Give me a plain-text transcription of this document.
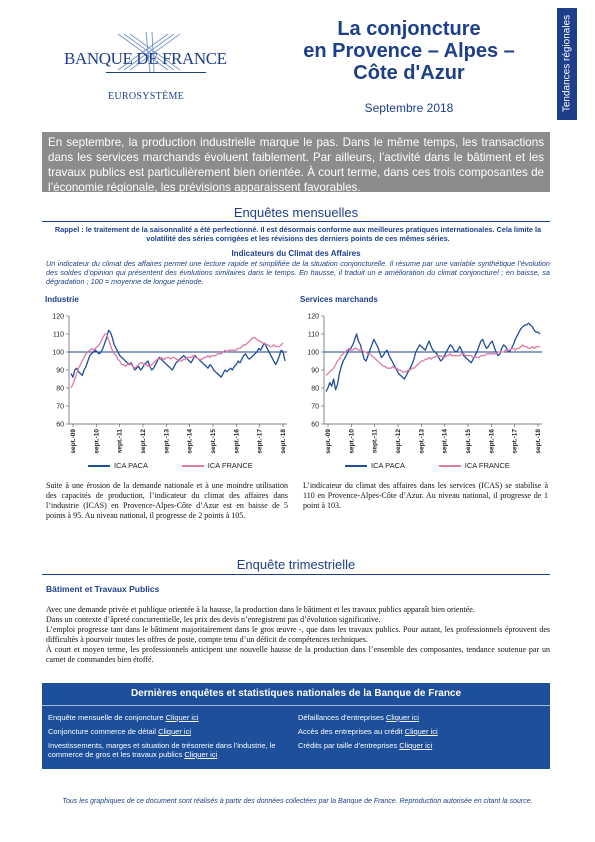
BANQUE DE FRANCE
EUROSYSTÈME
La conjoncture
en Provence – Alpes –
Côte d'Azur
Septembre 2018	Tendances régionales
En septembre, la production industrielle marque le pas. Dans le même temps, les transactions dans les services marchands évoluent faiblement. Par ailleurs, l’activité dans le bâtiment et les travaux publics est particulièrement bien orientée. À court terme, dans ces trois composantes de l’économie régionale, les prévisions apparaissent favorables.
Enquêtes mensuelles
Rappel : le traitement de la saisonnalité a été perfectionné. Il est désormais conforme aux meilleures pratiques internationales. Cela limite la volatilité des séries corrigées et les révisions des derniers points de ces mêmes séries.
Indicateurs du Climat des Affaires
Un indicateur du climat des affaires permet une lecture rapide et simplifiée de la situation conjoncturelle. Il résume par une variable synthétique l’évolution des soldes d’opinion qui présentent des évolutions similaires dans le temps. En hausse, il traduit un e amélioration du climat conjoncturel ; en baisse, sa dégradation ; 100 = moyenne de longue période.
Industrie	Services marchands
60
70
80
90
100
110
120
sept.-09	sept.-10	sept.-11	sept.-12	sept.-13	sept.-14	sept.-15	sept.-16	sept.-17	sept.-18
60
70
80
90
100
110
120
sept.-09	sept.-10	sept.-11	sept.-12	sept.-13	sept.-14	sept.-15	sept.-16	sept.-17	sept.-18
ICA PACA	ICA FRANCE	ICA PACA	ICA FRANCE
Suite à une érosion de la demande nationale et à une moindre utilisation des capacités de production, l’indicateur du climat des affaires dans l’industrie (ICAS) en Provence-Alpes-Côte d’Azur est en baisse de 5 points à 95. Au niveau national, il progresse de 2 points à 105.
L’indicateur du climat des affaires dans les services (ICAS) se stabilise à 110 en Provence-Alpes-Côte d’Azur. Au niveau national, il progresse de 1 point à 103.
Enquête trimestrielle
Bâtiment et Travaux Publics
Avec une demande privée et publique orientée à la hausse, la production dans le bâtiment et les travaux publics apparaît bien orientée.
Dans un contexte d’âpreté concurrentielle, les prix des devis n’enregistrent pas d’évolution significative.
L’emploi progresse tant dans le bâtiment majoritairement dans le gros œuvre -, que dans les travaux publics. Pour autant, les professionnels éprouvent des difficultés à pourvoir toutes les offres de poste, compte tenu d’un déficit de compétences techniques.
À court et moyen terme, les professionnels anticipent une nouvelle hausse de la production dans l’ensemble des composantes, tendance soutenue par un carnet de commandes bien étoffé.
Dernières enquêtes et statistiques nationales de la Banque de France
Enquête mensuelle de conjoncture Cliquer ici
Conjoncture commerce de détail Cliquer ici
Investissements, marges et situation de trésorerie dans l’industrie, le commerce de gros et les travaux publics Cliquer ici
Défaillances d’entreprises Cliquer ici
Accès des entreprises au crédit Cliquer ici
Crédits par taille d’entreprises Cliquer ici
Tous les graphiques de ce document sont réalisés à partir des données collectées par la Banque de France. Reproduction autorisée en citant la source.
